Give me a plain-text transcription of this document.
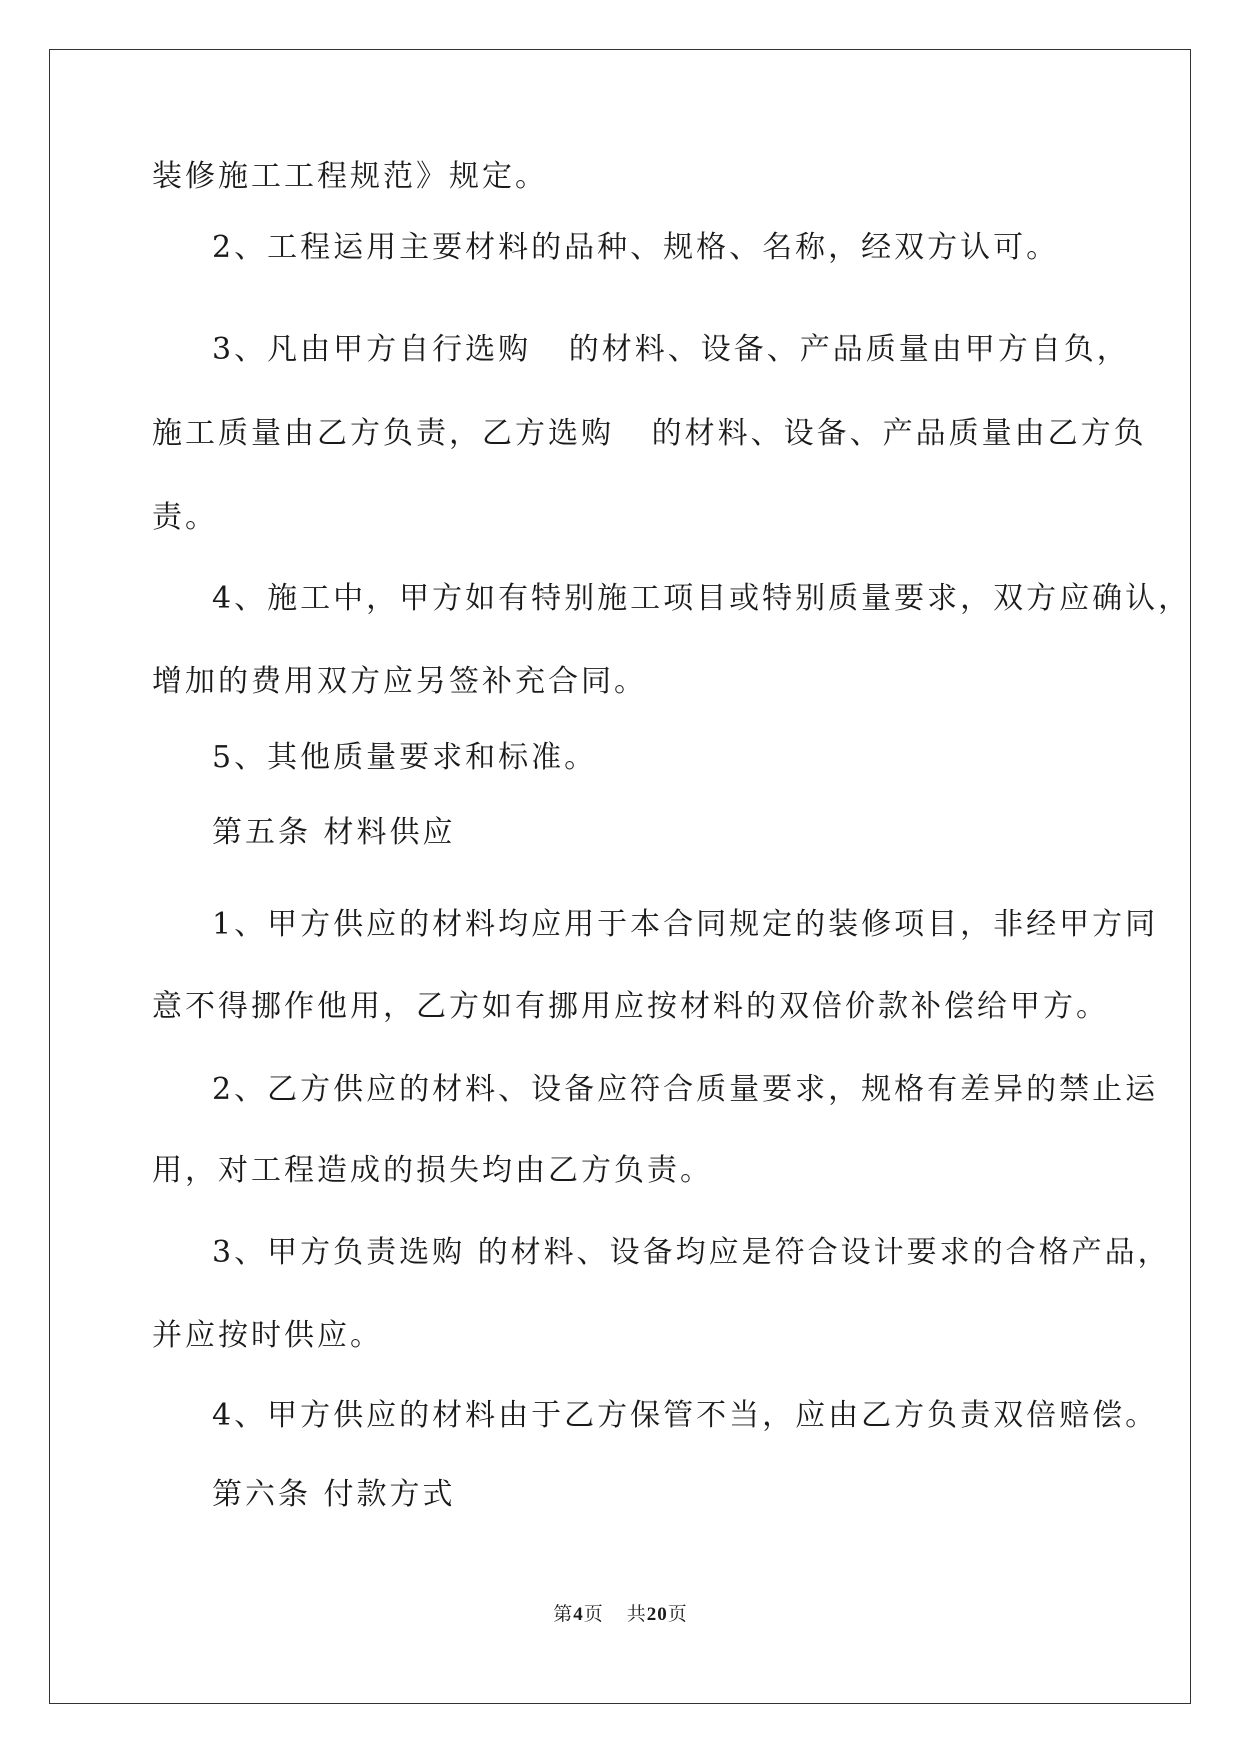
装修施工工程规范》规定。
2、工程运用主要材料的品种、规格、名称，经双方认可。
3、凡由甲方自行选购   的材料、设备、产品质量由甲方自负，
施工质量由乙方负责，乙方选购   的材料、设备、产品质量由乙方负
责。
4、施工中，甲方如有特别施工项目或特别质量要求，双方应确认，
增加的费用双方应另签补充合同。
5、其他质量要求和标准。
第五条 材料供应
1、甲方供应的材料均应用于本合同规定的装修项目，非经甲方同
意不得挪作他用，乙方如有挪用应按材料的双倍价款补偿给甲方。
2、乙方供应的材料、设备应符合质量要求，规格有差异的禁止运
用，对工程造成的损失均由乙方负责。
3、甲方负责选购 的材料、设备均应是符合设计要求的合格产品，
并应按时供应。
4、甲方供应的材料由于乙方保管不当，应由乙方负责双倍赔偿。
第六条 付款方式
第4页 共20页
